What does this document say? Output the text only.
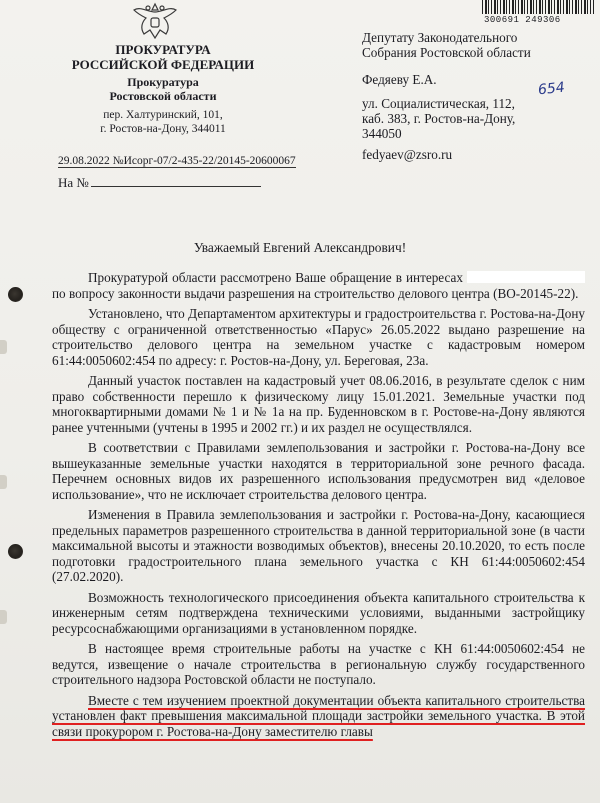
ПРОКУРАТУРА
РОССИЙСКОЙ ФЕДЕРАЦИИ
Прокуратура
Ростовской области
пер. Халтуринский, 101,
г. Ростов-на-Дону, 344011
300691 249306
Депутату Законодательного
Собрания Ростовской области
Федяеву Е.А.
ул. Социалистическая, 112,
каб. 383, г. Ростов-на-Дону,
344050
fedyaev@zsro.ru
654
29.08.2022 №Исорг-07/2-435-22/20145-20600067
На №
Уважаемый Евгений Александрович!

Прокуратурой области рассмотрено Ваше обращение в интересах  по вопросу законности выдачи разрешения на строительство делового центра (ВО-20145-22).

Установлено, что Департаментом архитектуры и градостроительства г. Ростова-на-Дону обществу с ограниченной ответственностью «Парус» 26.05.2022 выдано разрешение на строительство делового центра на земельном участке с кадастровым номером 61:44:0050602:454 по адресу: г. Ростов-на-Дону, ул. Береговая, 23а.

Данный участок поставлен на кадастровый учет 08.06.2016, в результате сделок с ним право собственности перешло к физическому лицу 15.01.2021. Земельные участки под многоквартирными домами № 1 и № 1а на пр. Буденновском в г. Ростове-на-Дону являются ранее учтенными (учтены в 1995 и 2002 гг.) и их раздел не осуществлялся.

В соответствии с Правилами землепользования и застройки г. Ростова-на-Дону все вышеуказанные земельные участки находятся в территориальной зоне речного фасада. Перечнем основных видов их разрешенного использования предусмотрен вид «деловое использование», что не исключает строительства делового центра.

Изменения в Правила землепользования и застройки г. Ростова-на-Дону, касающиеся предельных параметров разрешенного строительства в данной территориальной зоне (в части максимальной высоты и этажности возводимых объектов), внесены 20.10.2020, то есть после подготовки градостроительного плана земельного участка с КН 61:44:0050602:454 (27.02.2020).

Возможность технологического присоединения объекта капитального строительства к инженерным сетям подтверждена техническими условиями, выданными застройщику ресурсоснабжающими организациями в установленном порядке.

В настоящее время строительные работы на участке с КН 61:44:0050602:454 не ведутся, извещение о начале строительства в региональную службу государственного строительного надзора Ростовской области не поступало.

Вместе с тем изучением проектной документации объекта капитального строительства установлен факт превышения максимальной площади застройки земельного участка. В этой связи прокурором г. Ростова-на-Дону заместителю главы
